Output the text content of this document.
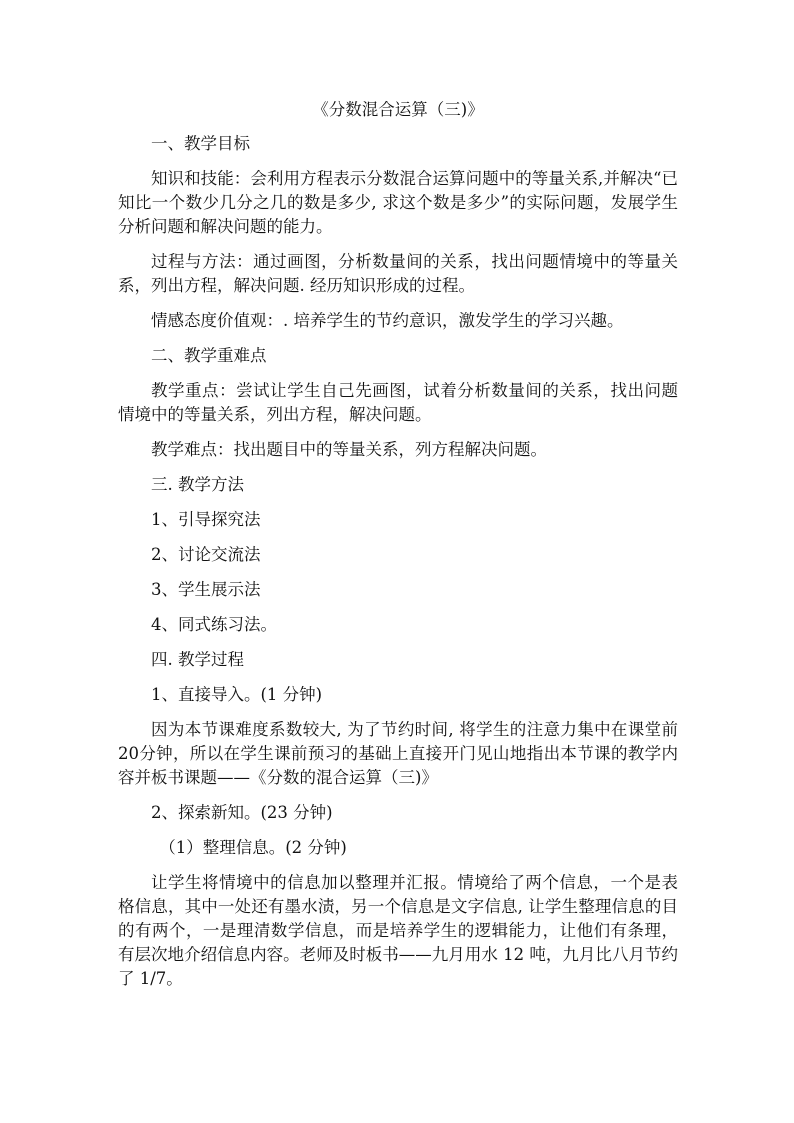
《分数混合运算（三)》
一、教学目标
知识和技能：会利用方程表示分数混合运算问题中的等量关系,并解决“已知比一个数少几分之几的数是多少, 求这个数是多少”的实际问题，发展学生分析问题和解决问题的能力。
过程与方法：通过画图，分析数量间的关系，找出问题情境中的等量关系，列出方程，解决问题. 经历知识形成的过程。
情感态度价值观：. 培养学生的节约意识，激发学生的学习兴趣。
二、教学重难点
教学重点：尝试让学生自己先画图，试着分析数量间的关系，找出问题情境中的等量关系，列出方程，解决问题。
教学难点：找出题目中的等量关系，列方程解决问题。
三. 教学方法
1、引导探究法
2、讨论交流法
3、学生展示法
4、同式练习法。
四. 教学过程
1、直接导入。(1 分钟)
因为本节课难度系数较大, 为了节约时间, 将学生的注意力集中在课堂前20分钟，所以在学生课前预习的基础上直接开门见山地指出本节课的教学内容并板书课题——《分数的混合运算（三)》
2、探索新知。(23 分钟)
（1）整理信息。(2 分钟)
让学生将情境中的信息加以整理并汇报。情境给了两个信息，一个是表格信息，其中一处还有墨水渍，另一个信息是文字信息, 让学生整理信息的目的有两个，一是理清数学信息，而是培养学生的逻辑能力，让他们有条理，有层次地介绍信息内容。老师及时板书——九月用水 12 吨，九月比八月节约了 1/7。
